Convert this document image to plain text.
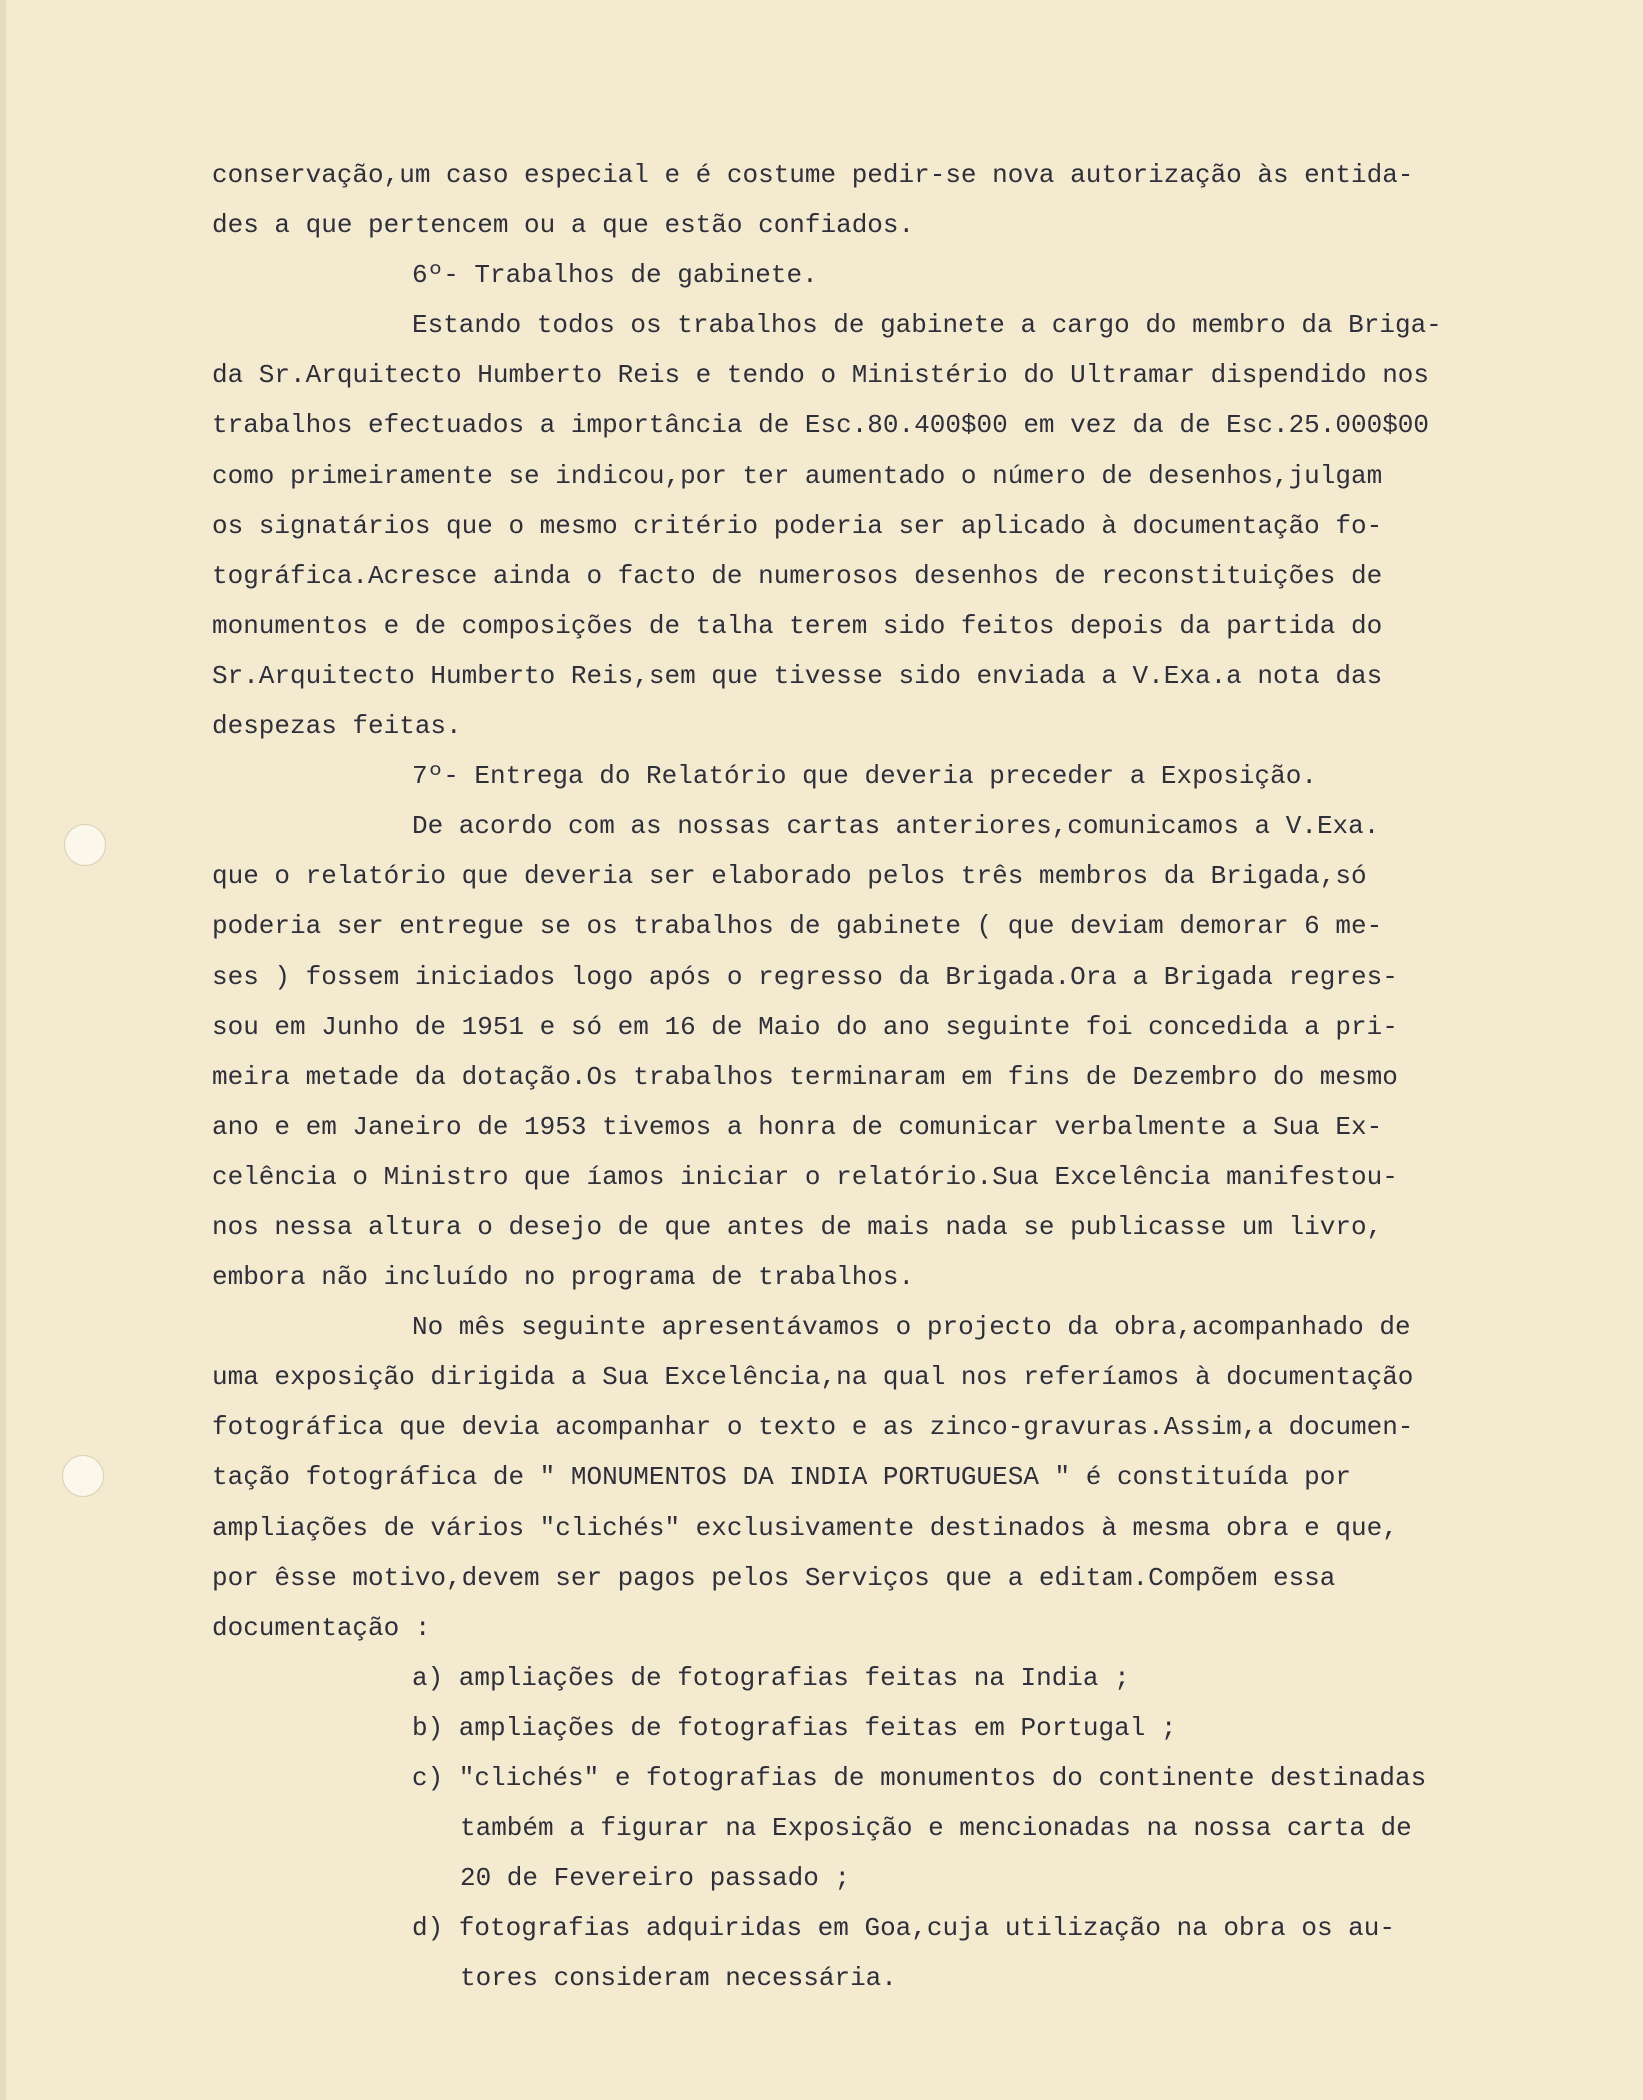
conservação,um caso especial e é costume pedir-se nova autorização às entida-
des a que pertencem ou a que estão confiados.
6º- Trabalhos de gabinete.
Estando todos os trabalhos de gabinete a cargo do membro da Briga-
da Sr.Arquitecto Humberto Reis e tendo o Ministério do Ultramar dispendido nos
trabalhos efectuados a importância de Esc.80.400$00 em vez da de Esc.25.000$00
como primeiramente se indicou,por ter aumentado o número de desenhos,julgam
os signatários que o mesmo critério poderia ser aplicado à documentação fo-
tográfica.Acresce ainda o facto de numerosos desenhos de reconstituições de
monumentos e de composições de talha terem sido feitos depois da partida do
Sr.Arquitecto Humberto Reis,sem que tivesse sido enviada a V.Exa.a nota das
despezas feitas.
7º- Entrega do Relatório que deveria preceder a Exposição.
De acordo com as nossas cartas anteriores,comunicamos a V.Exa.
que o relatório que deveria ser elaborado pelos três membros da Brigada,só
poderia ser entregue se os trabalhos de gabinete ( que deviam demorar 6 me-
ses ) fossem iniciados logo após o regresso da Brigada.Ora a Brigada regres-
sou em Junho de 1951 e só em 16 de Maio do ano seguinte foi concedida a pri-
meira metade da dotação.Os trabalhos terminaram em fins de Dezembro do mesmo
ano e em Janeiro de 1953 tivemos a honra de comunicar verbalmente a Sua Ex-
celência o Ministro que íamos iniciar o relatório.Sua Excelência manifestou-
nos nessa altura o desejo de que antes de mais nada se publicasse um livro,
embora não incluído no programa de trabalhos.
No mês seguinte apresentávamos o projecto da obra,acompanhado de
uma exposição dirigida a Sua Excelência,na qual nos referíamos à documentação
fotográfica que devia acompanhar o texto e as zinco-gravuras.Assim,a documen-
tação fotográfica de " MONUMENTOS DA INDIA PORTUGUESA " é constituída por
ampliações de vários "clichés" exclusivamente destinados à mesma obra e que,
por êsse motivo,devem ser pagos pelos Serviços que a editam.Compõem essa
documentação :
a) ampliações de fotografias feitas na India ;
b) ampliações de fotografias feitas em Portugal ;
c) "clichés" e fotografias de monumentos do continente destinadas
também a figurar na Exposição e mencionadas na nossa carta de
20 de Fevereiro passado ;
d) fotografias adquiridas em Goa,cuja utilização na obra os au-
tores consideram necessária.
